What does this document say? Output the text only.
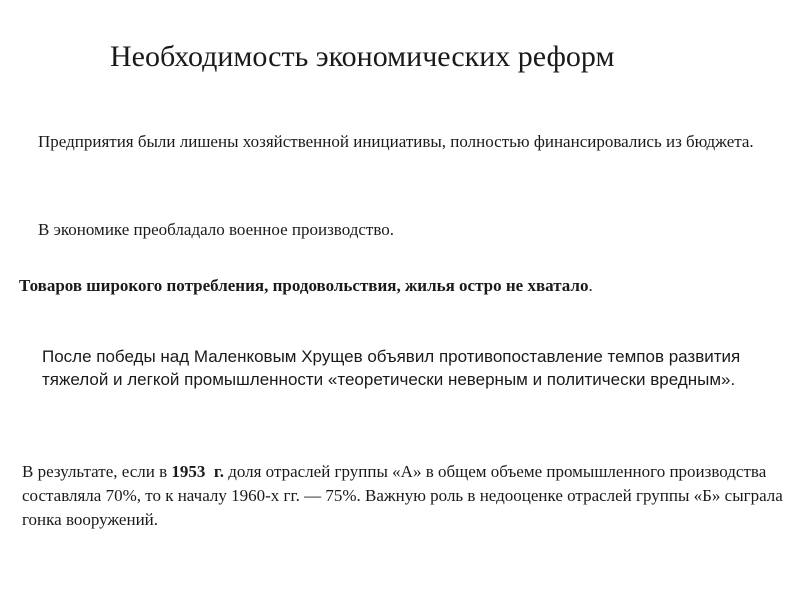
Необходимость экономических реформ

Предприятия были лишены хозяйственной инициативы, полностью финансировались из бюджета.

В экономике преобладало военное производство.

Товаров широкого потребления, продовольствия, жилья остро не хватало.

После победы над Маленковым Хрущев объявил противопоставление темпов развития тяжелой и легкой промышленности «теоретически неверным и политически вредным».

В результате, если в 1953 г. доля отраслей группы «А» в общем объеме промышленного производства составляла 70%, то к началу 1960-х гг. — 75%. Важную роль в недооценке отраслей группы «Б» сыграла гонка вооружений.
